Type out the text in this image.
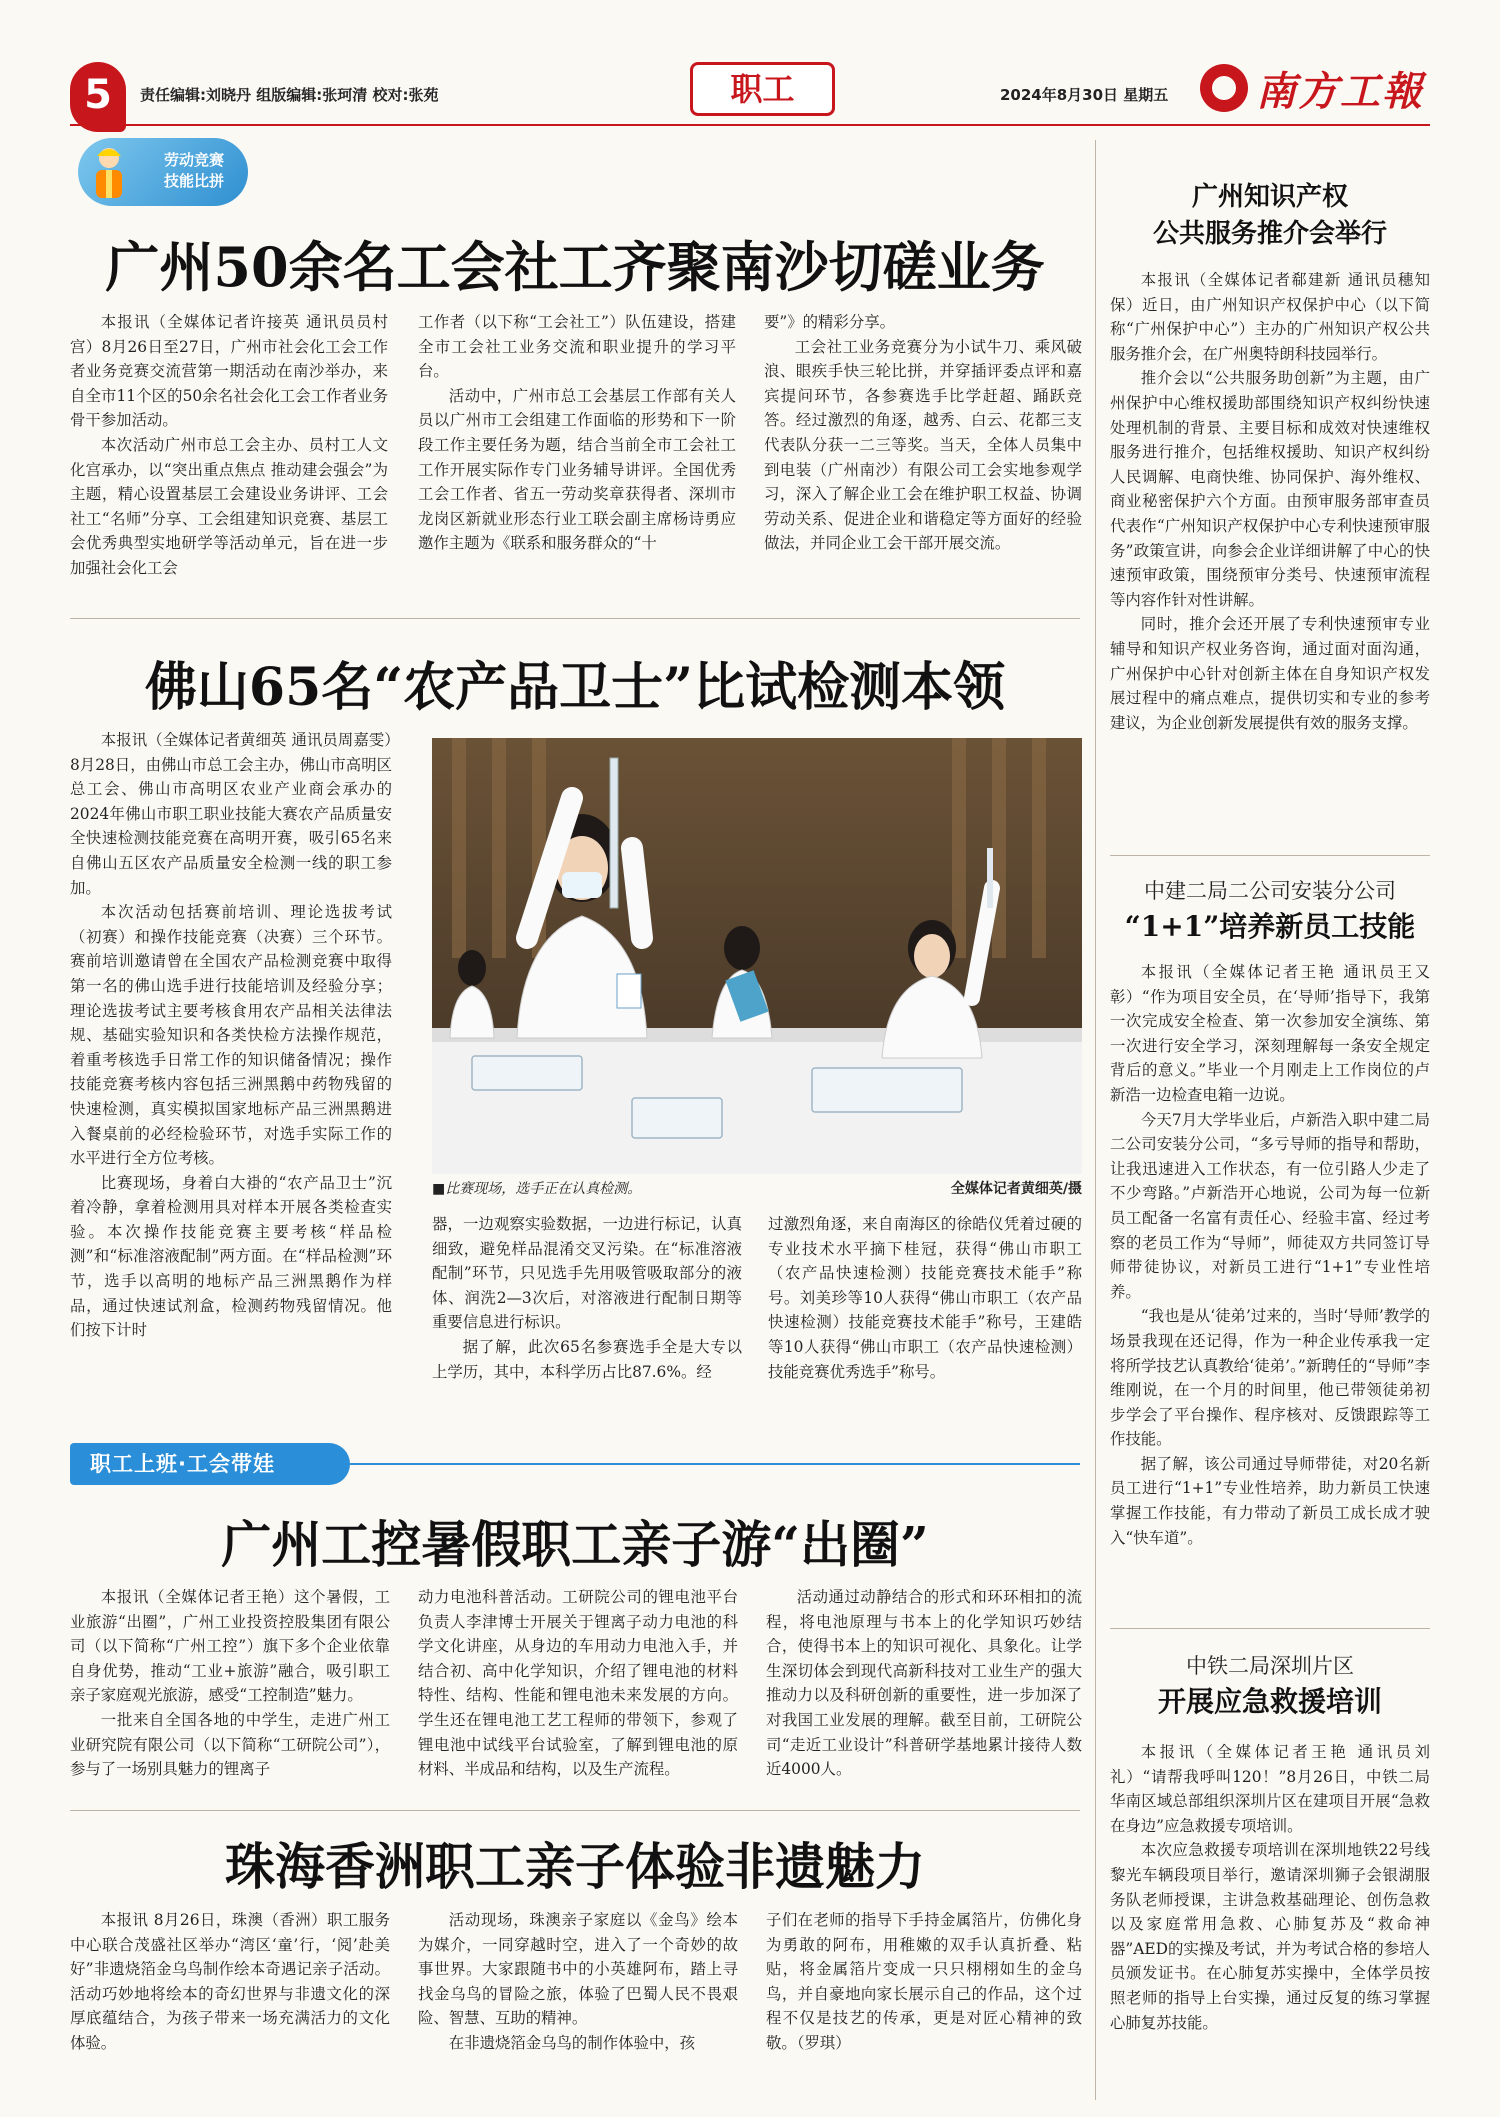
5	责任编辑:刘晓丹 组版编辑:张珂清 校对:张苑	职工	2024年8月30日 星期五 南方工報
劳动竞赛
技能比拼
广州50余名工会社工齐聚南沙切磋业务

本报讯（全媒体记者许接英 通讯员员村宫）8月26日至27日，广州市社会化工会工作者业务竞赛交流营第一期活动在南沙举办，来自全市11个区的50余名社会化工会工作者业务骨干参加活动。

本次活动广州市总工会主办、员村工人文化宫承办，以“突出重点焦点 推动建会强会”为主题，精心设置基层工会建设业务讲评、工会社工“名师”分享、工会组建知识竞赛、基层工会优秀典型实地研学等活动单元，旨在进一步加强社会化工会

工作者（以下称“工会社工”）队伍建设，搭建全市工会社工业务交流和职业提升的学习平台。

活动中，广州市总工会基层工作部有关人员以广州市工会组建工作面临的形势和下一阶段工作主要任务为题，结合当前全市工会社工工作开展实际作专门业务辅导讲评。全国优秀工会工作者、省五一劳动奖章获得者、深圳市龙岗区新就业形态行业工联会副主席杨诗勇应邀作主题为《联系和服务群众的“十

要”》的精彩分享。

工会社工业务竞赛分为小试牛刀、乘风破浪、眼疾手快三轮比拼，并穿插评委点评和嘉宾提问环节，各参赛选手比学赶超、踊跃竞答。经过激烈的角逐，越秀、白云、花都三支代表队分获一二三等奖。当天，全体人员集中到电装（广州南沙）有限公司工会实地参观学习，深入了解企业工会在维护职工权益、协调劳动关系、促进企业和谐稳定等方面好的经验做法，并同企业工会干部开展交流。

佛山65名“农产品卫士”比试检测本领

本报讯（全媒体记者黄细英 通讯员周嘉雯）8月28日，由佛山市总工会主办，佛山市高明区总工会、佛山市高明区农业产业商会承办的2024年佛山市职工职业技能大赛农产品质量安全快速检测技能竞赛在高明开赛，吸引65名来自佛山五区农产品质量安全检测一线的职工参加。

本次活动包括赛前培训、理论选拔考试（初赛）和操作技能竞赛（决赛）三个环节。赛前培训邀请曾在全国农产品检测竞赛中取得第一名的佛山选手进行技能培训及经验分享；理论选拔考试主要考核食用农产品相关法律法规、基础实验知识和各类快检方法操作规范，着重考核选手日常工作的知识储备情况；操作技能竞赛考核内容包括三洲黑鹅中药物残留的快速检测，真实模拟国家地标产品三洲黑鹅进入餐桌前的必经检验环节，对选手实际工作的水平进行全方位考核。

比赛现场，身着白大褂的“农产品卫士”沉着冷静，拿着检测用具对样本开展各类检查实验。本次操作技能竞赛主要考核“样品检测”和“标准溶液配制”两方面。在“样品检测”环节，选手以高明的地标产品三洲黑鹅作为样品，通过快速试剂盒，检测药物残留情况。他们按下计时

■比赛现场，选手正在认真检测。	全媒体记者黄细英/摄

器，一边观察实验数据，一边进行标记，认真细致，避免样品混淆交叉污染。在“标准溶液配制”环节，只见选手先用吸管吸取部分的液体、润洗2—3次后，对溶液进行配制日期等重要信息进行标识。

据了解，此次65名参赛选手全是大专以上学历，其中，本科学历占比87.6%。经

过激烈角逐，来自南海区的徐皓仪凭着过硬的专业技术水平摘下桂冠，获得“佛山市职工（农产品快速检测）技能竞赛技术能手”称号。刘美珍等10人获得“佛山市职工（农产品快速检测）技能竞赛技术能手”称号，王建皓等10人获得“佛山市职工（农产品快速检测）技能竞赛优秀选手”称号。

职工上班·工会带娃
广州工控暑假职工亲子游“出圈”

本报讯（全媒体记者王艳）这个暑假，工业旅游“出圈”，广州工业投资控股集团有限公司（以下简称“广州工控”）旗下多个企业依靠自身优势，推动“工业+旅游”融合，吸引职工亲子家庭观光旅游，感受“工控制造”魅力。

一批来自全国各地的中学生，走进广州工业研究院有限公司（以下简称“工研院公司”），参与了一场别具魅力的锂离子

动力电池科普活动。工研院公司的锂电池平台负责人李津博士开展关于锂离子动力电池的科学文化讲座，从身边的车用动力电池入手，并结合初、高中化学知识，介绍了锂电池的材料特性、结构、性能和锂电池未来发展的方向。学生还在锂电池工艺工程师的带领下，参观了锂电池中试线平台试验室，了解到锂电池的原材料、半成品和结构，以及生产流程。

活动通过动静结合的形式和环环相扣的流程，将电池原理与书本上的化学知识巧妙结合，使得书本上的知识可视化、具象化。让学生深切体会到现代高新科技对工业生产的强大推动力以及科研创新的重要性，进一步加深了对我国工业发展的理解。截至目前，工研院公司“走近工业设计”科普研学基地累计接待人数近4000人。

珠海香洲职工亲子体验非遗魅力

本报讯 8月26日，珠澳（香洲）职工服务中心联合茂盛社区举办“湾区‘童’行，‘阅’赴美好”非遗烧箔金乌鸟制作绘本奇遇记亲子活动。活动巧妙地将绘本的奇幻世界与非遗文化的深厚底蕴结合，为孩子带来一场充满活力的文化体验。

活动现场，珠澳亲子家庭以《金鸟》绘本为媒介，一同穿越时空，进入了一个奇妙的故事世界。大家跟随书中的小英雄阿布，踏上寻找金乌鸟的冒险之旅，体验了巴蜀人民不畏艰险、智慧、互助的精神。

在非遗烧箔金乌鸟的制作体验中，孩

子们在老师的指导下手持金属箔片，仿佛化身为勇敢的阿布，用稚嫩的双手认真折叠、粘贴，将金属箔片变成一只只栩栩如生的金乌鸟，并自豪地向家长展示自己的作品，这个过程不仅是技艺的传承，更是对匠心精神的致敬。（罗琪）

广州知识产权
公共服务推介会举行

本报讯（全媒体记者郗建新 通讯员穗知保）近日，由广州知识产权保护中心（以下简称“广州保护中心”）主办的广州知识产权公共服务推介会，在广州奥特朗科技园举行。

推介会以“公共服务助创新”为主题，由广州保护中心维权援助部围绕知识产权纠纷快速处理机制的背景、主要目标和成效对快速维权服务进行推介，包括维权援助、知识产权纠纷人民调解、电商快维、协同保护、海外维权、商业秘密保护六个方面。由预审服务部审查员代表作“广州知识产权保护中心专利快速预审服务”政策宣讲，向参会企业详细讲解了中心的快速预审政策，围绕预审分类号、快速预审流程等内容作针对性讲解。

同时，推介会还开展了专利快速预审专业辅导和知识产权业务咨询，通过面对面沟通，广州保护中心针对创新主体在自身知识产权发展过程中的痛点难点，提供切实和专业的参考建议，为企业创新发展提供有效的服务支撑。

中建二局二公司安装分公司
“1+1”培养新员工技能

本报讯（全媒体记者王艳 通讯员王又彰）“作为项目安全员，在‘导师’指导下，我第一次完成安全检查、第一次参加安全演练、第一次进行安全学习，深刻理解每一条安全规定背后的意义。”毕业一个月刚走上工作岗位的卢新浩一边检查电箱一边说。

今天7月大学毕业后，卢新浩入职中建二局二公司安装分公司，“多亏导师的指导和帮助，让我迅速进入工作状态，有一位引路人少走了不少弯路。”卢新浩开心地说，公司为每一位新员工配备一名富有责任心、经验丰富、经过考察的老员工作为“导师”，师徒双方共同签订导师带徒协议，对新员工进行“1+1”专业性培养。

“我也是从‘徒弟’过来的，当时‘导师’教学的场景我现在还记得，作为一种企业传承我一定将所学技艺认真教给‘徒弟’。”新聘任的“导师”李维刚说，在一个月的时间里，他已带领徒弟初步学会了平台操作、程序核对、反馈跟踪等工作技能。

据了解，该公司通过导师带徒，对20名新员工进行“1+1”专业性培养，助力新员工快速掌握工作技能，有力带动了新员工成长成才驶入“快车道”。

中铁二局深圳片区
开展应急救援培训

本报讯（全媒体记者王艳 通讯员刘礼）“请帮我呼叫120！”8月26日，中铁二局华南区域总部组织深圳片区在建项目开展“急救在身边”应急救援专项培训。

本次应急救援专项培训在深圳地铁22号线黎光车辆段项目举行，邀请深圳狮子会银湖服务队老师授课，主讲急救基础理论、创伤急救以及家庭常用急救、心肺复苏及“救命神器”AED的实操及考试，并为考试合格的参培人员颁发证书。在心肺复苏实操中，全体学员按照老师的指导上台实操，通过反复的练习掌握心肺复苏技能。
